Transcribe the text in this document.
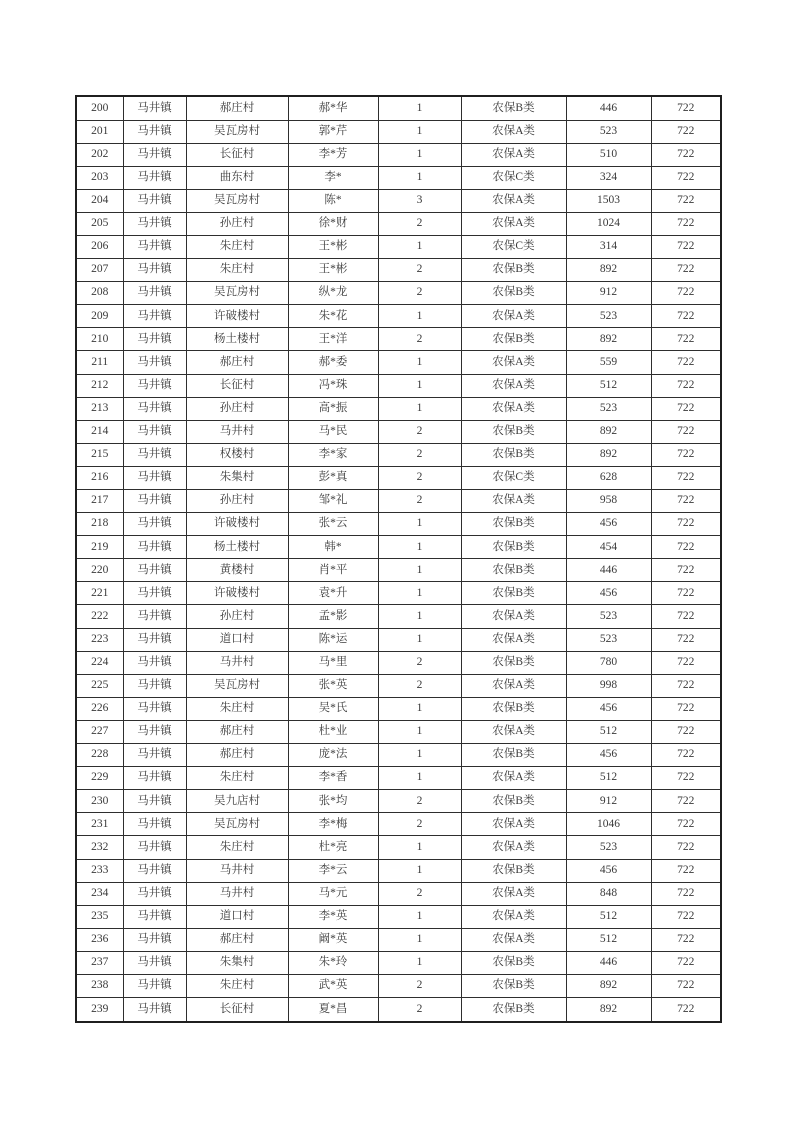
200	马井镇	郝庄村	郝*华	1	农保B类	446	722
201	马井镇	吴瓦房村	郭*芹	1	农保A类	523	722
202	马井镇	长征村	李*芳	1	农保A类	510	722
203	马井镇	曲东村	李*	1	农保C类	324	722
204	马井镇	吴瓦房村	陈*	3	农保A类	1503	722
205	马井镇	孙庄村	徐*财	2	农保A类	1024	722
206	马井镇	朱庄村	王*彬	1	农保C类	314	722
207	马井镇	朱庄村	王*彬	2	农保B类	892	722
208	马井镇	吴瓦房村	纵*龙	2	农保B类	912	722
209	马井镇	许破楼村	朱*花	1	农保A类	523	722
210	马井镇	杨土楼村	王*洋	2	农保B类	892	722
211	马井镇	郝庄村	郝*委	1	农保A类	559	722
212	马井镇	长征村	冯*珠	1	农保A类	512	722
213	马井镇	孙庄村	高*振	1	农保A类	523	722
214	马井镇	马井村	马*民	2	农保B类	892	722
215	马井镇	权楼村	李*家	2	农保B类	892	722
216	马井镇	朱集村	彭*真	2	农保C类	628	722
217	马井镇	孙庄村	邹*礼	2	农保A类	958	722
218	马井镇	许破楼村	张*云	1	农保B类	456	722
219	马井镇	杨土楼村	韩*	1	农保B类	454	722
220	马井镇	黄楼村	肖*平	1	农保B类	446	722
221	马井镇	许破楼村	袁*升	1	农保B类	456	722
222	马井镇	孙庄村	孟*影	1	农保A类	523	722
223	马井镇	道口村	陈*运	1	农保A类	523	722
224	马井镇	马井村	马*里	2	农保B类	780	722
225	马井镇	吴瓦房村	张*英	2	农保A类	998	722
226	马井镇	朱庄村	吴*氏	1	农保B类	456	722
227	马井镇	郝庄村	杜*业	1	农保A类	512	722
228	马井镇	郝庄村	庞*法	1	农保B类	456	722
229	马井镇	朱庄村	李*香	1	农保A类	512	722
230	马井镇	吴九店村	张*均	2	农保B类	912	722
231	马井镇	吴瓦房村	李*梅	2	农保A类	1046	722
232	马井镇	朱庄村	杜*亮	1	农保A类	523	722
233	马井镇	马井村	李*云	1	农保B类	456	722
234	马井镇	马井村	马*元	2	农保A类	848	722
235	马井镇	道口村	李*英	1	农保A类	512	722
236	马井镇	郝庄村	阚*英	1	农保A类	512	722
237	马井镇	朱集村	朱*玲	1	农保B类	446	722
238	马井镇	朱庄村	武*英	2	农保B类	892	722
239	马井镇	长征村	夏*昌	2	农保B类	892	722
